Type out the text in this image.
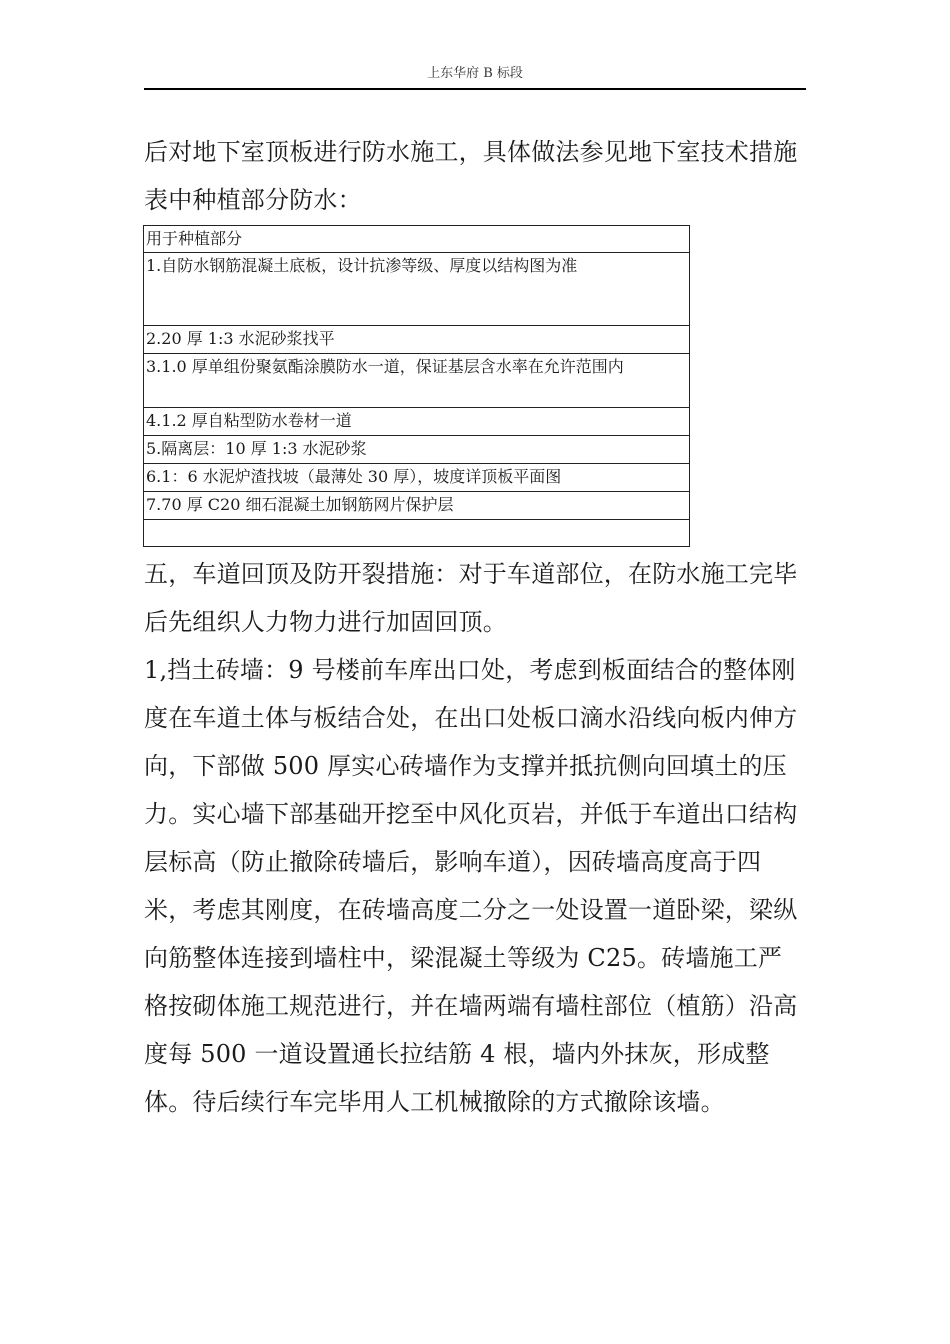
上东华府 B 标段

后对地下室顶板进行防水施工，具体做法参见地下室技术措施表中种植部分防水：

用于种植部分
1.自防水钢筋混凝土底板，设计抗渗等级、厚度以结构图为准
2.20 厚 1:3 水泥砂浆找平
3.1.0 厚单组份聚氨酯涂膜防水一道，保证基层含水率在允许范围内
4.1.2 厚自粘型防水卷材一道
5.隔离层：10 厚 1:3 水泥砂浆
6.1：6 水泥炉渣找坡（最薄处 30 厚），坡度详顶板平面图
7.70 厚 C20 细石混凝土加钢筋网片保护层

五，车道回顶及防开裂措施：对于车道部位，在防水施工完毕后先组织人力物力进行加固回顶。

1,挡土砖墙：9 号楼前车库出口处，考虑到板面结合的整体刚度在车道土体与板结合处，在出口处板口滴水沿线向板内伸方向，下部做 500 厚实心砖墙作为支撑并抵抗侧向回填土的压力。实心墙下部基础开挖至中风化页岩，并低于车道出口结构层标高（防止撤除砖墙后，影响车道），因砖墙高度高于四米，考虑其刚度，在砖墙高度二分之一处设置一道卧梁，梁纵向筋整体连接到墙柱中，梁混凝土等级为 C25。砖墙施工严格按砌体施工规范进行，并在墙两端有墙柱部位（植筋）沿高度每 500 一道设置通长拉结筋 4 根，墙内外抹灰，形成整体。待后续行车完毕用人工机械撤除的方式撤除该墙。
